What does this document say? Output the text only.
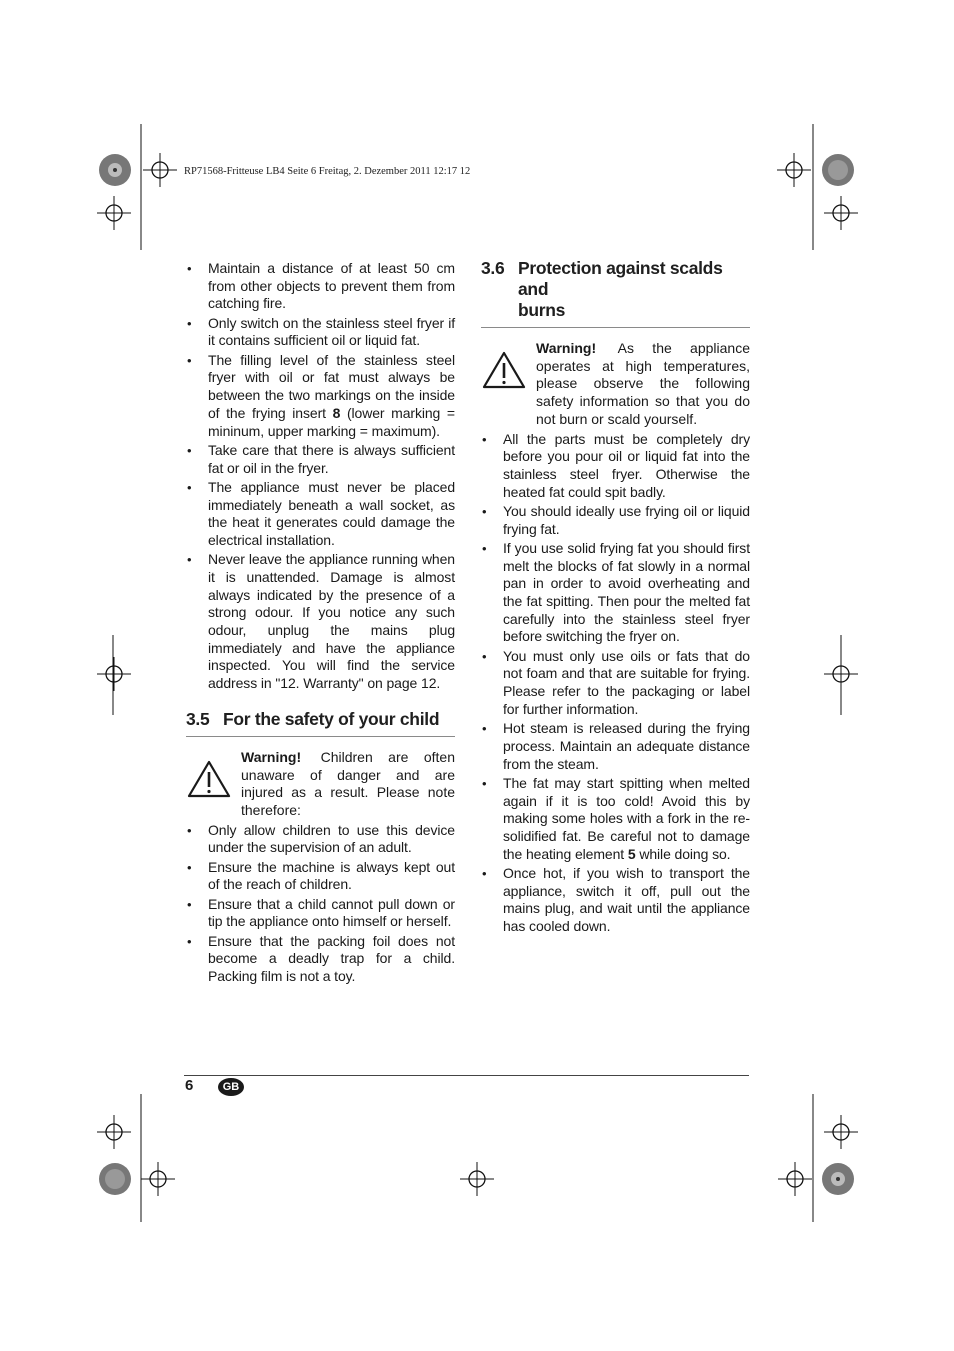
RP71568-Fritteuse LB4 Seite 6 Freitag, 2. Dezember 2011 12:17 12
• Maintain a distance of at least 50 cm from other objects to prevent them from catching fire.
• Only switch on the stainless steel fryer if it contains sufficient oil or liquid fat.
• The filling level of the stainless steel fryer with oil or fat must always be between the two markings on the inside of the frying insert 8 (lower marking = mininum, upper marking = maximum).
• Take care that there is always sufficient fat or oil in the fryer.
• The appliance must never be placed immediately beneath a wall socket, as the heat it generates could damage the electrical installation.
• Never leave the appliance running when it is unattended. Damage is almost always indicated by the presence of a strong odour. If you notice any such odour, unplug the mains plug immediately and have the appliance inspected. You will find the service address in "12. Warranty" on page 12.
3.5 For the safety of your child
Warning! Children are often unaware of danger and are injured as a result. Please note therefore:
• Only allow children to use this device under the supervision of an adult.
• Ensure the machine is always kept out of the reach of children.
• Ensure that a child cannot pull down or tip the appliance onto himself or herself.
• Ensure that the packing foil does not become a deadly trap for a child. Packing film is not a toy.
3.6 Protection against scalds and
burns
Warning! As the appliance operates at high temperatures, please observe the following safety information so that you do not burn or scald yourself.
• All the parts must be completely dry before you pour oil or liquid fat into the stainless steel fryer. Otherwise the heated fat could spit badly.
• You should ideally use frying oil or liquid frying fat.
• If you use solid frying fat you should first melt the blocks of fat slowly in a normal pan in order to avoid overheating and the fat spitting. Then pour the melted fat carefully into the stainless steel fryer before switching the fryer on.
• You must only use oils or fats that do not foam and that are suitable for frying. Please refer to the packaging or label for further information.
• Hot steam is released during the frying process. Maintain an adequate distance from the steam.
• The fat may start spitting when melted again if it is too cold! Avoid this by making some holes with a fork in the re-solidified fat. Be careful not to damage the heating element 5 while doing so.
• Once hot, if you wish to transport the appliance, switch it off, pull out the mains plug, and wait until the appliance has cooled down.
6	GB
